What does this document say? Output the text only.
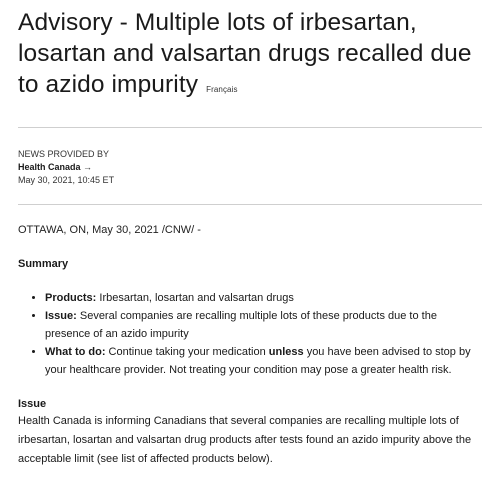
Advisory - Multiple lots of irbesartan, losartan and valsartan drugs recalled due to azido impurity Français
NEWS PROVIDED BY
Health Canada →
May 30, 2021, 10:45 ET
OTTAWA, ON, May 30, 2021 /CNW/ -
Summary
• Products: Irbesartan, losartan and valsartan drugs
• Issue: Several companies are recalling multiple lots of these products due to the presence of an azido impurity
• What to do: Continue taking your medication unless you have been advised to stop by your healthcare provider. Not treating your condition may pose a greater health risk.
Issue
Health Canada is informing Canadians that several companies are recalling multiple lots of irbesartan, losartan and valsartan drug products after tests found an azido impurity above the acceptable limit (see list of affected products below).
